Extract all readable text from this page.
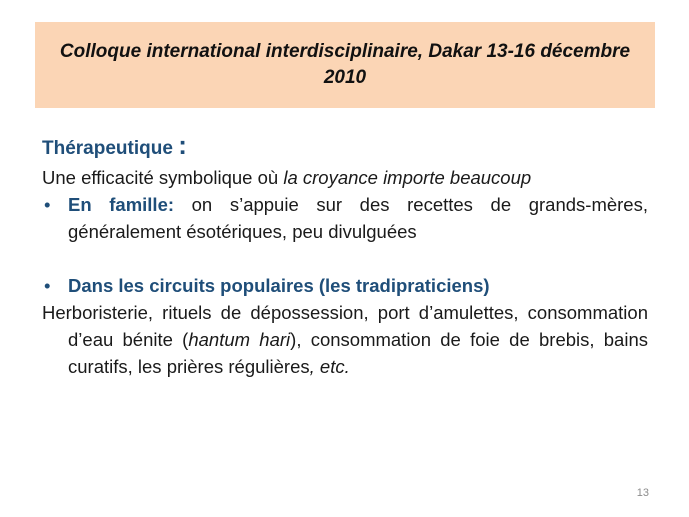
Colloque international interdisciplinaire, Dakar 13-16 décembre
2010
Thérapeutique :

Une efficacité symbolique où la croyance importe beaucoup

• En famille: on s’appuie sur des recettes de grands-mères, généralement ésotériques, peu divulguées
• Dans les circuits populaires (les tradipraticiens)

Herboristerie, rituels de dépossession, port d’amulettes, consommation d’eau bénite (hantum hari), consommation de foie de brebis, bains curatifs, les prières régulières, etc.

13
